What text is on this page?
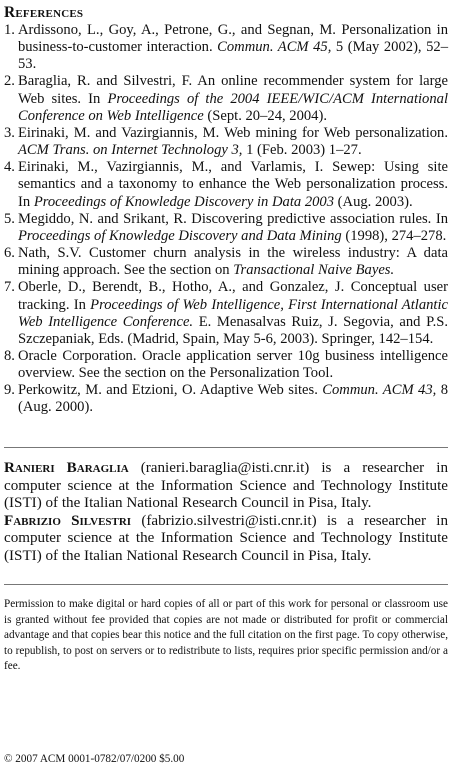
References
1. Ardissono, L., Goy, A., Petrone, G., and Segnan, M. Personalization in business-to-customer interaction. Commun. ACM 45, 5 (May 2002), 52–53.
2. Baraglia, R. and Silvestri, F. An online recommender system for large Web sites. In Proceedings of the 2004 IEEE/WIC/ACM International Conference on Web Intelligence (Sept. 20–24, 2004).
3. Eirinaki, M. and Vazirgiannis, M. Web mining for Web personalization. ACM Trans. on Internet Technology 3, 1 (Feb. 2003) 1–27.
4. Eirinaki, M., Vazirgiannis, M., and Varlamis, I. Sewep: Using site semantics and a taxonomy to enhance the Web personalization process. In Proceedings of Knowledge Discovery in Data 2003 (Aug. 2003).
5. Megiddo, N. and Srikant, R. Discovering predictive association rules. In Proceedings of Knowledge Discovery and Data Mining (1998), 274–278.
6. Nath, S.V. Customer churn analysis in the wireless industry: A data mining approach. See the section on Transactional Naive Bayes.
7. Oberle, D., Berendt, B., Hotho, A., and Gonzalez, J. Conceptual user tracking. In Proceedings of Web Intelligence, First International Atlantic Web Intelligence Conference. E. Menasalvas Ruiz, J. Segovia, and P.S. Szczepaniak, Eds. (Madrid, Spain, May 5-6, 2003). Springer, 142–154.
8. Oracle Corporation. Oracle application server 10g business intelligence overview. See the section on the Personalization Tool.
9. Perkowitz, M. and Etzioni, O. Adaptive Web sites. Commun. ACM 43, 8 (Aug. 2000).

Ranieri Baraglia (ranieri.baraglia@isti.cnr.it) is a researcher in computer science at the Information Science and Technology Institute (ISTI) of the Italian National Research Council in Pisa, Italy.

Fabrizio Silvestri (fabrizio.silvestri@isti.cnr.it) is a researcher in computer science at the Information Science and Technology Institute (ISTI) of the Italian National Research Council in Pisa, Italy.

Permission to make digital or hard copies of all or part of this work for personal or classroom use is granted without fee provided that copies are not made or distributed for profit or commercial advantage and that copies bear this notice and the full citation on the first page. To copy otherwise, to republish, to post on servers or to redistribute to lists, requires prior specific permission and/or a fee.
© 2007 ACM 0001-0782/07/0200 $5.00
